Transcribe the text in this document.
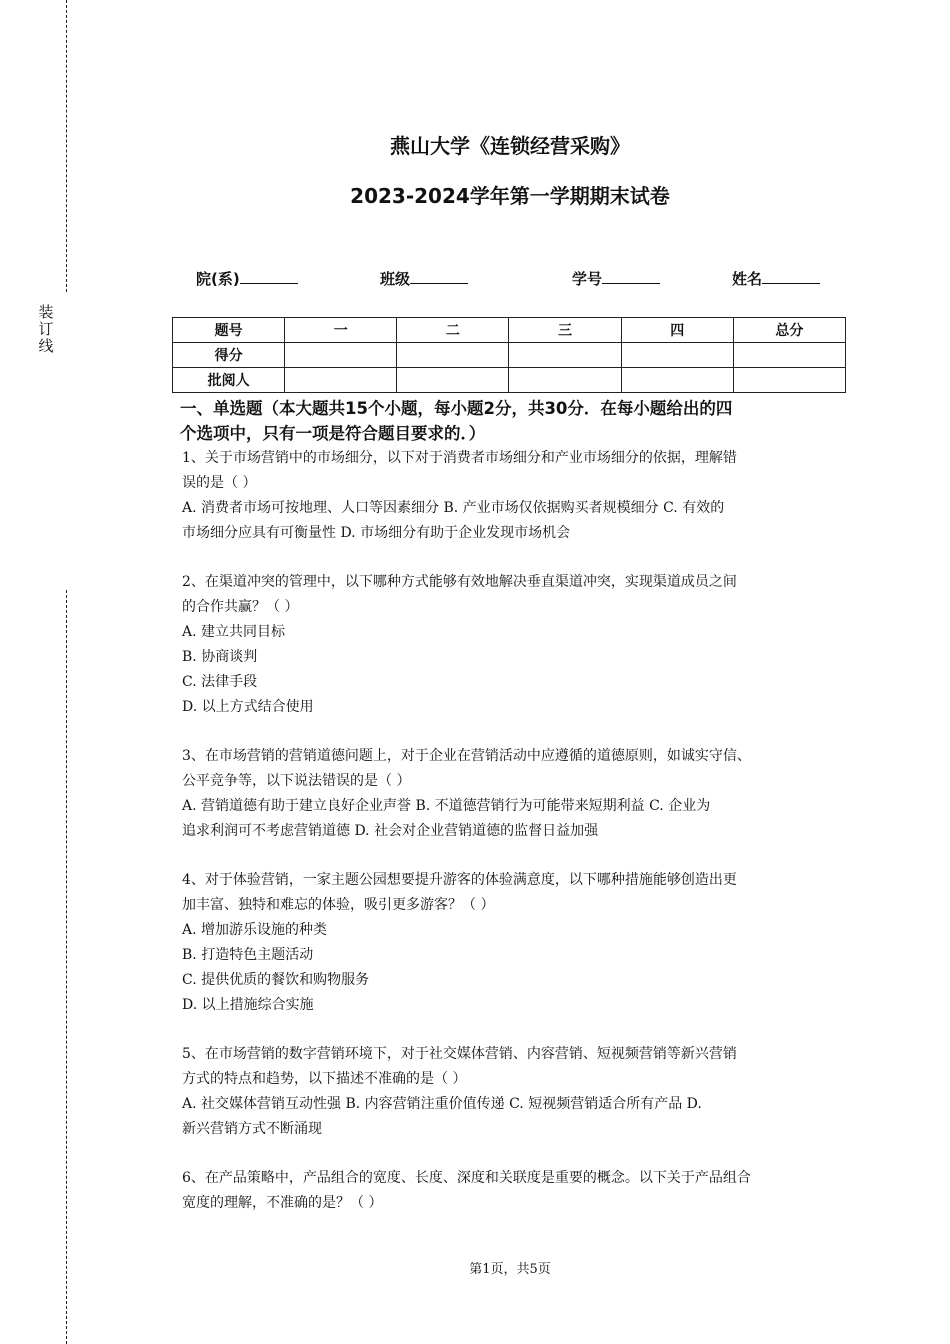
装
订
线
燕山大学《连锁经营采购》
2023-2024学年第一学期期末试卷
院(系)	班级	学号	姓名
题号	一	二	三	四	总分
得分					
批阅人					
一、单选题（本大题共15个小题，每小题2分，共30分．在每小题给出的四
个选项中，只有一项是符合题目要求的．）

1、关于市场营销中的市场细分，以下对于消费者市场细分和产业市场细分的依据，理解错

误的是（ ）

A. 消费者市场可按地理、人口等因素细分 B. 产业市场仅依据购买者规模细分 C. 有效的

市场细分应具有可衡量性 D. 市场细分有助于企业发现市场机会

2、在渠道冲突的管理中，以下哪种方式能够有效地解决垂直渠道冲突，实现渠道成员之间

的合作共赢？（ ）

A. 建立共同目标

B. 协商谈判

C. 法律手段

D. 以上方式结合使用

3、在市场营销的营销道德问题上，对于企业在营销活动中应遵循的道德原则，如诚实守信、

公平竞争等，以下说法错误的是（ ）

A. 营销道德有助于建立良好企业声誉 B. 不道德营销行为可能带来短期利益 C. 企业为

追求利润可不考虑营销道德 D. 社会对企业营销道德的监督日益加强

4、对于体验营销，一家主题公园想要提升游客的体验满意度，以下哪种措施能够创造出更

加丰富、独特和难忘的体验，吸引更多游客？（ ）

A. 增加游乐设施的种类

B. 打造特色主题活动

C. 提供优质的餐饮和购物服务

D. 以上措施综合实施

5、在市场营销的数字营销环境下，对于社交媒体营销、内容营销、短视频营销等新兴营销

方式的特点和趋势，以下描述不准确的是（ ）

A. 社交媒体营销互动性强 B. 内容营销注重价值传递 C. 短视频营销适合所有产品 D.

新兴营销方式不断涌现

6、在产品策略中，产品组合的宽度、长度、深度和关联度是重要的概念。以下关于产品组合

宽度的理解，不准确的是？（ ）

第1页，共5页
